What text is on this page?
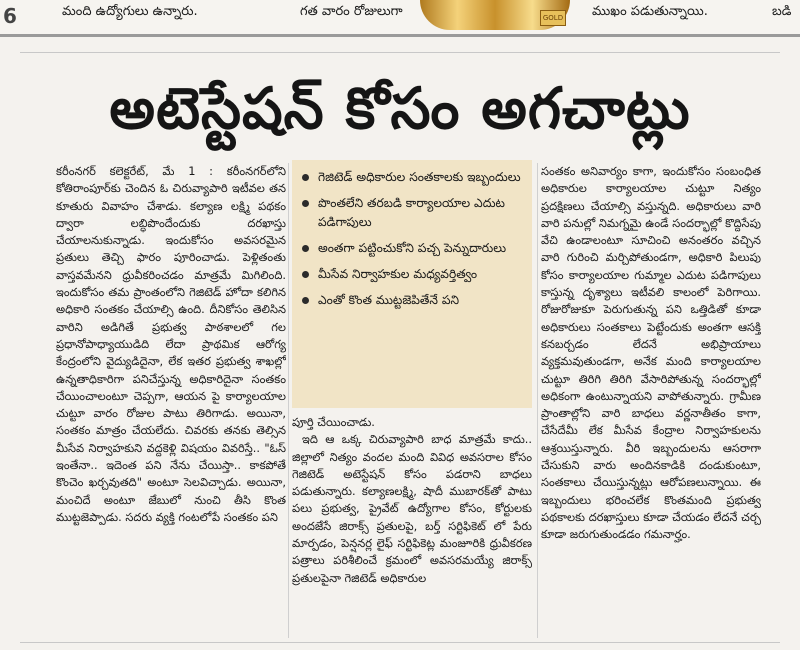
6	మంది ఉద్యోగులు ఉన్నారు.	గత వారం రోజులుగా	GOLD ముఖం పడుతున్నాయి.	బడి
అటెస్టేషన్ కోసం అగచాట్లు

కరీంనగర్ కలెక్టరేట్, మే 1 : కరీంనగర్‌లోని కోతిరాంపూర్‌కు చెందిన ఓ చిరువ్యాపారి ఇటీవల తన కూతురు వివాహం చేశాడు. కల్యాణ లక్ష్మి పథకం ద్వారా లబ్ధిపొందేందుకు దరఖాస్తు చేయాలనుకున్నాడు. ఇందుకోసం అవసరమైన ప్రతులు తెచ్చి ఫారం పూరించాడు. పెళ్లితంతు వాస్తవమేనని ధ్రువీకరించడం మాత్రమే మిగిలింది. ఇందుకోసం తమ ప్రాంతంలోని గెజిటెడ్ హోదా కలిగిన అధికారి సంతకం చేయాల్సి ఉంది. దీనికోసం తెలిసిన వారిని అడిగితే ప్రభుత్వ పాఠశాలలో గల ప్రధానోపాధ్యాయుడిది లేదా ప్రాథమిక ఆరోగ్య కేంద్రంలోని వైద్యుడిదైనా, లేక ఇతర ప్రభుత్వ శాఖల్లో ఉన్నతాధికారిగా పనిచేస్తున్న అధికారిదైనా సంతకం చేయించాలంటూ చెప్పగా, ఆయన పై కార్యాలయాల చుట్టూ వారం రోజుల పాటు తిరిగాడు. అయినా, సంతకం మాత్రం చేయలేదు. చివరకు తనకు తెల్సిన మీసేవ నిర్వాహకుని వద్దకెళ్లి విషయం వివరిస్తే.. "ఓస్ ఇంతేనా.. ఇదెంత పని నేను చేయిస్తా.. కాకపోతే కొంచెం ఖర్చవుతది" అంటూ సెలవిచ్చాడు. అయినా, మంచిదే అంటూ జేబులో నుంచి తీసి కొంత ముట్టజెప్పాడు. సదరు వ్యక్తి గంటలోపే సంతకం పని

గెజిటెడ్ అధికారుల సంతకాలకు ఇబ్బందులు
పొంతలేని తరబడి కార్యాలయాల ఎదుట పడిగాపులు
అంతగా పట్టించుకోని పచ్చ పెన్నుదారులు
మీసేవ నిర్వాహకుల మధ్యవర్తిత్వం
ఎంతో కొంత ముట్టజెపితేనే పని

పూర్తి చేయించాడు.

ఇది ఆ ఒక్క చిరువ్యాపారి బాధ మాత్రమే కాదు.. జిల్లాలో నిత్యం వందల మంది వివిధ అవసరాల కోసం గెజిటెడ్ అటెస్టేషన్ కోసం పడరాని బాధలు పడుతున్నారు. కల్యాణలక్ష్మి, షాదీ ముబారక్‌తో పాటు పలు ప్రభుత్వ, ప్రైవేట్ ఉద్యోగాల కోసం, కోర్టులకు అందజేసే జిరాక్స్ ప్రతులపై, బర్త్ సర్టిఫికెట్ లో పేరు మార్పడం, పెన్షనర్ల లైఫ్ సర్టిఫికెట్ల మంజూరికి ధ్రువీకరణ పత్రాలు పరిశీలించే క్రమంలో అవసరమయ్యే జిరాక్స్ ప్రతులపైనా గెజిటెడ్ అధికారుల

సంతకం అనివార్యం కాగా, ఇందుకోసం సంబంధిత అధికారుల కార్యాలయాల చుట్టూ నిత్యం ప్రదక్షిణలు చేయాల్సి వస్తున్నది. అధికారులు వారి వారి పనుల్లో నిమగ్నమై ఉండే సందర్భాల్లో కొద్దిసేపు వేచి ఉండాలంటూ సూచించి అనంతరం వచ్చిన వారి గురించి మర్చిపోతుండగా, అధికారి పిలుపు కోసం కార్యాలయాల గుమ్మాల ఎదుట పడిగాపులు కాస్తున్న దృశ్యాలు ఇటీవలి కాలంలో పెరిగాయి. రోజురోజుకూ పెరుగుతున్న పని ఒత్తిడితో కూడా అధికారులు సంతకాలు పెట్టేందుకు అంతగా ఆసక్తి కనబర్చడం లేదనే అభిప్రాయాలు వ్యక్తమవుతుండగా, అనేక మంది కార్యాలయాల చుట్టూ తిరిగి తిరిగి వేసారిపోతున్న సందర్భాల్లో అధికంగా ఉంటున్నాయని వాపోతున్నారు. గ్రామీణ ప్రాంతాల్లోని వారి బాధలు వర్ణనాతీతం కాగా, చేసేదేమీ లేక మీసేవ కేంద్రాల నిర్వాహకులను ఆశ్రయిస్తున్నారు. వీరి ఇబ్బందులను ఆసరాగా చేసుకుని వారు అందినకాడికి దండుకుంటూ, సంతకాలు చేయిస్తున్నట్లు ఆరోపణలున్నాయి. ఈ ఇబ్బందులు భరించలేక కొంతమంది ప్రభుత్వ పథకాలకు దరఖాస్తులు కూడా చేయడం లేదనే చర్చ కూడా జరుగుతుండడం గమనార్హం.
